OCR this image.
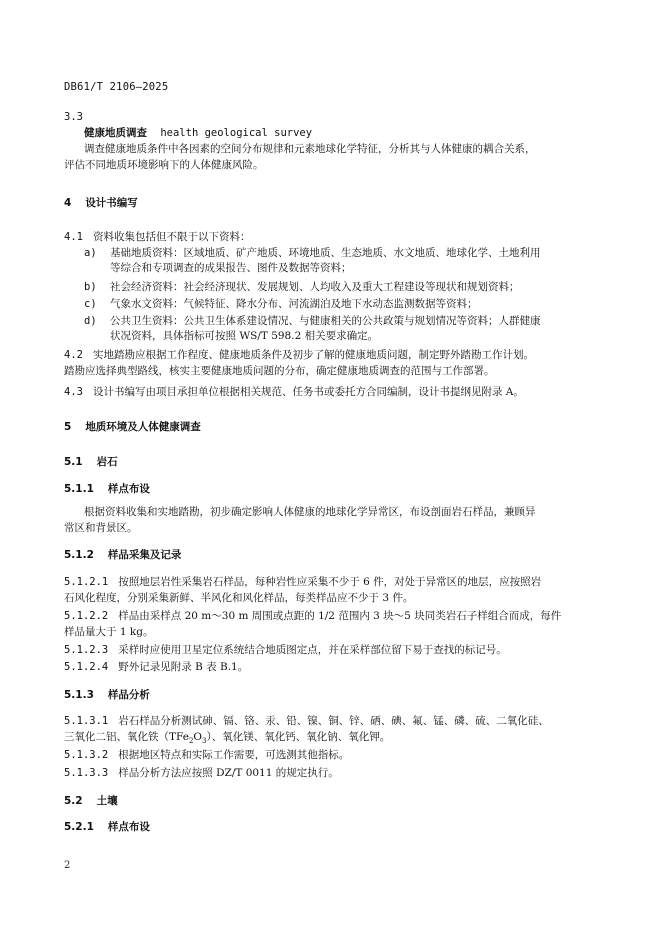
DB61/T 2106—2025
3.3
健康地质调查 health geological survey
调查健康地质条件中各因素的空间分布规律和元素地球化学特征，分析其与人体健康的耦合关系，
评估不同地质环境影响下的人体健康风险。
4 设计书编写
4.1 资料收集包括但不限于以下资料：
a)	基础地质资料：区域地质、矿产地质、环境地质、生态地质、水文地质、地球化学、土地利用
等综合和专项调查的成果报告、图件及数据等资料；
b)	社会经济资料：社会经济现状、发展规划、人均收入及重大工程建设等现状和规划资料；
c)	气象水文资料：气候特征、降水分布、河流湖泊及地下水动态监测数据等资料；
d)	公共卫生资料：公共卫生体系建设情况、与健康相关的公共政策与规划情况等资料；人群健康
状况资料，具体指标可按照 WS/T 598.2 相关要求确定。
4.2 实地踏勘应根据工作程度、健康地质条件及初步了解的健康地质问题，制定野外踏勘工作计划。
踏勘应选择典型路线，核实主要健康地质问题的分布，确定健康地质调查的范围与工作部署。
4.3 设计书编写由项目承担单位根据相关规范、任务书或委托方合同编制，设计书提纲见附录 A。
5 地质环境及人体健康调查
5.1 岩石
5.1.1 样点布设
根据资料收集和实地踏勘，初步确定影响人体健康的地球化学异常区，布设剖面岩石样品，兼顾异
常区和背景区。
5.1.2 样品采集及记录
5.1.2.1 按照地层岩性采集岩石样品，每种岩性应采集不少于 6 件，对处于异常区的地层，应按照岩
石风化程度，分别采集新鲜、半风化和风化样品，每类样品应不少于 3 件。
5.1.2.2 样品由采样点 20 m～30 m 周围或点距的 1/2 范围内 3 块～5 块同类岩石子样组合而成，每件
样品量大于 1 kg。
5.1.2.3 采样时应使用卫星定位系统结合地质图定点，并在采样部位留下易于查找的标记号。
5.1.2.4 野外记录见附录 B 表 B.1。
5.1.3 样品分析
5.1.3.1 岩石样品分析测试砷、镉、铬、汞、铅、镍、铜、锌、硒、碘、氟、锰、磷、硫、二氧化硅、
三氧化二铝、氧化铁$(TFe_2O_3)$、氧化镁、氧化钙、氧化钠、氧化钾。
5.1.3.2 根据地区特点和实际工作需要，可选测其他指标。
5.1.3.3 样品分析方法应按照 DZ/T 0011 的规定执行。
5.2 土壤
5.2.1 样点布设
2
